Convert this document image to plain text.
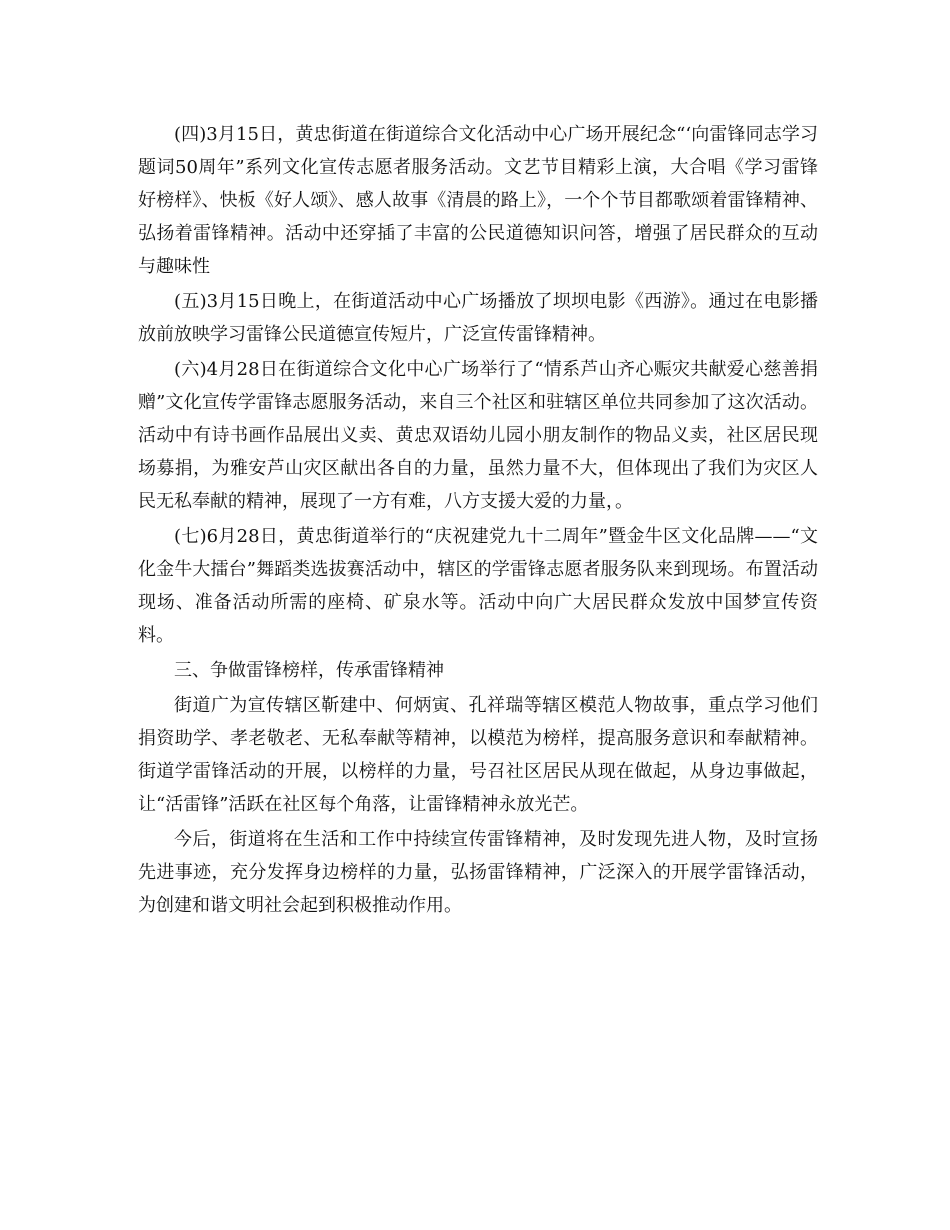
(四)3月15日，黄忠街道在街道综合文化活动中心广场开展纪念“‘向雷锋同志学习题词50周年”系列文化宣传志愿者服务活动。文艺节目精彩上演，大合唱《学习雷锋好榜样》、快板《好人颂》、感人故事《清晨的路上》，一个个节目都歌颂着雷锋精神、弘扬着雷锋精神。活动中还穿插了丰富的公民道德知识问答，增强了居民群众的互动与趣味性

(五)3月15日晚上，在街道活动中心广场播放了坝坝电影《西游》。通过在电影播放前放映学习雷锋公民道德宣传短片，广泛宣传雷锋精神。

(六)4月28日在街道综合文化中心广场举行了“情系芦山齐心赈灾共献爱心慈善捐赠”文化宣传学雷锋志愿服务活动，来自三个社区和驻辖区单位共同参加了这次活动。活动中有诗书画作品展出义卖、黄忠双语幼儿园小朋友制作的物品义卖，社区居民现场募捐，为雅安芦山灾区献出各自的力量，虽然力量不大，但体现出了我们为灾区人民无私奉献的精神，展现了一方有难，八方支援大爱的力量，。

(七)6月28日，黄忠街道举行的“庆祝建党九十二周年”暨金牛区文化品牌——“文化金牛大擂台”舞蹈类选拔赛活动中，辖区的学雷锋志愿者服务队来到现场。布置活动现场、准备活动所需的座椅、矿泉水等。活动中向广大居民群众发放中国梦宣传资料。

三、争做雷锋榜样，传承雷锋精神

街道广为宣传辖区靳建中、何炳寅、孔祥瑞等辖区模范人物故事，重点学习他们捐资助学、孝老敬老、无私奉献等精神，以模范为榜样，提高服务意识和奉献精神。街道学雷锋活动的开展，以榜样的力量，号召社区居民从现在做起，从身边事做起，让“活雷锋”活跃在社区每个角落，让雷锋精神永放光芒。

今后，街道将在生活和工作中持续宣传雷锋精神，及时发现先进人物，及时宣扬先进事迹，充分发挥身边榜样的力量，弘扬雷锋精神，广泛深入的开展学雷锋活动，为创建和谐文明社会起到积极推动作用。
